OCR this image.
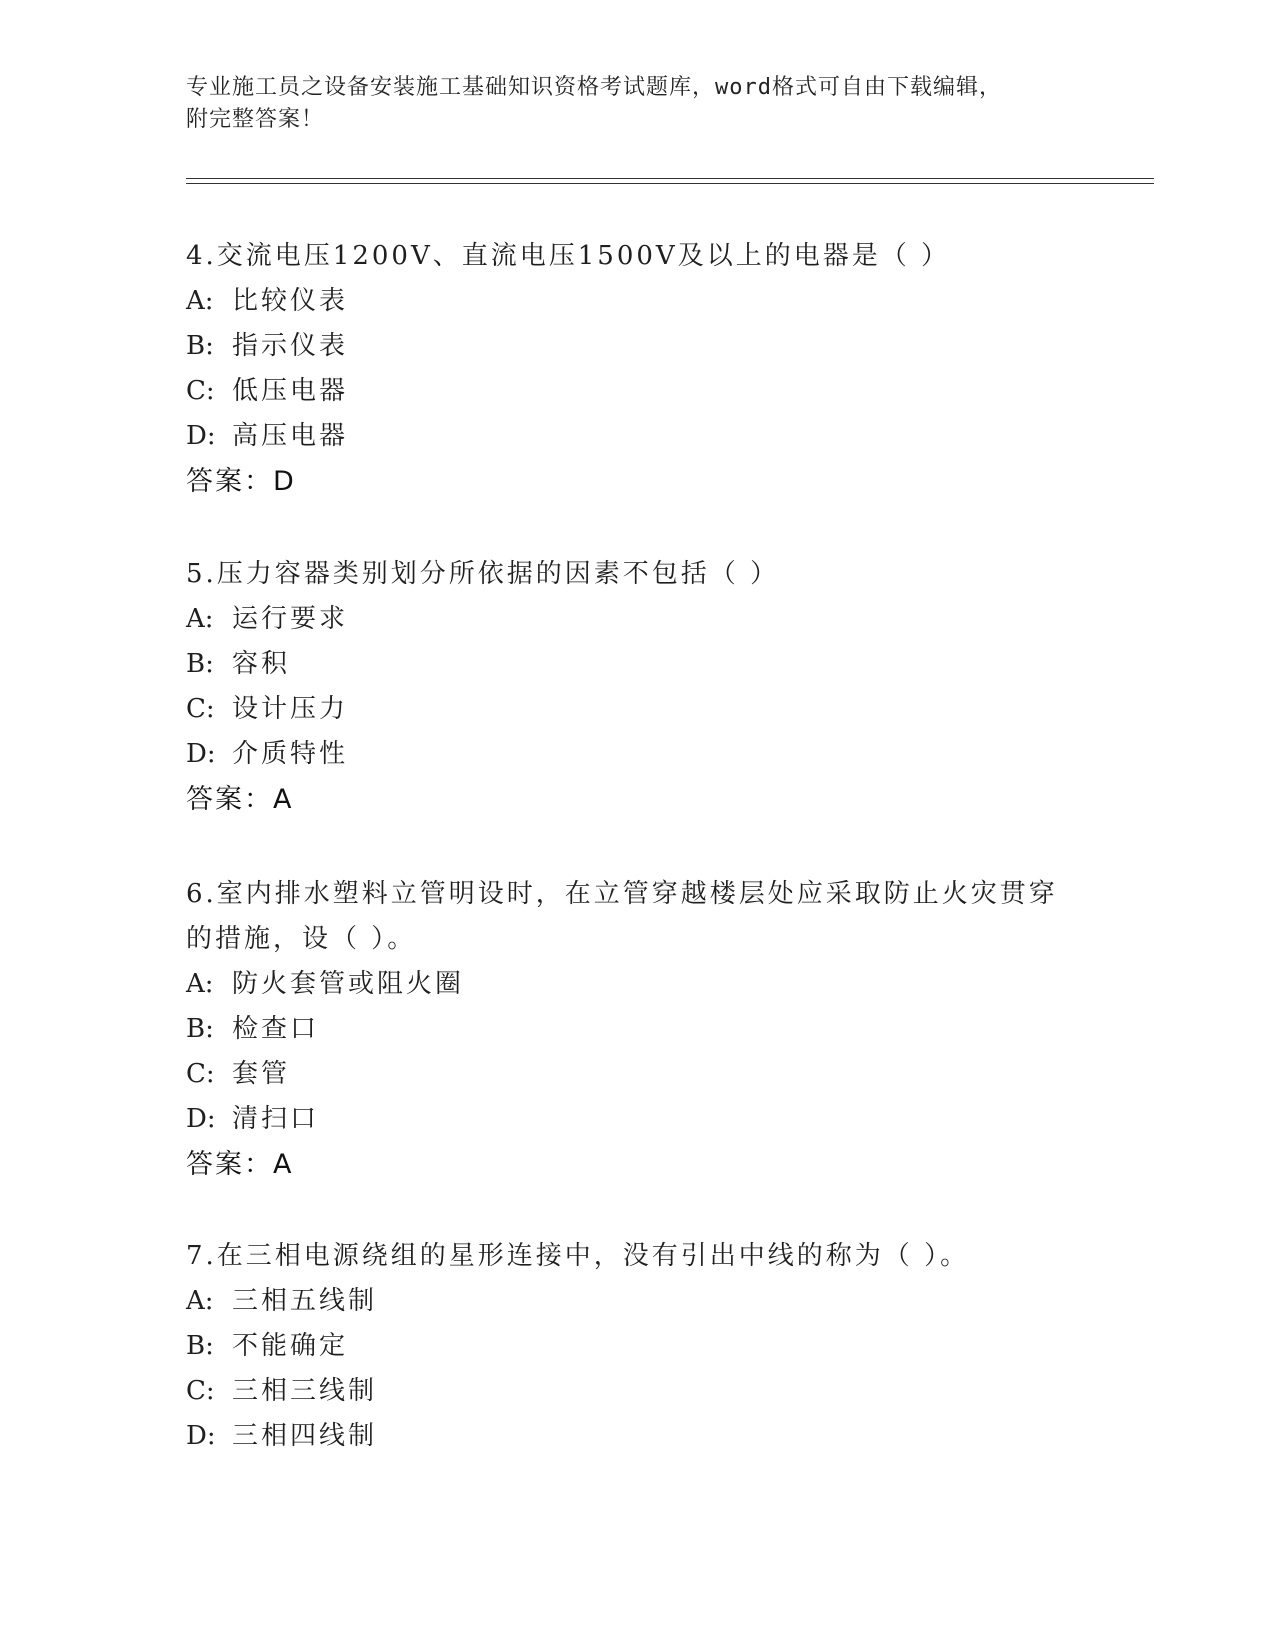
专业施工员之设备安装施工基础知识资格考试题库，word格式可自由下载编辑，
附完整答案！
4.交流电压1200V、直流电压1500V及以上的电器是（ ）
A: 比较仪表
B: 指示仪表
C: 低压电器
D: 高压电器
答案：D
5.压力容器类别划分所依据的因素不包括（ ）
A: 运行要求
B: 容积
C: 设计压力
D: 介质特性
答案：A
6.室内排水塑料立管明设时，在立管穿越楼层处应采取防止火灾贯穿的措施，设（ ）。
A: 防火套管或阻火圈
B: 检查口
C: 套管
D: 清扫口
答案：A
7.在三相电源绕组的星形连接中，没有引出中线的称为（ ）。
A: 三相五线制
B: 不能确定
C: 三相三线制
D: 三相四线制
